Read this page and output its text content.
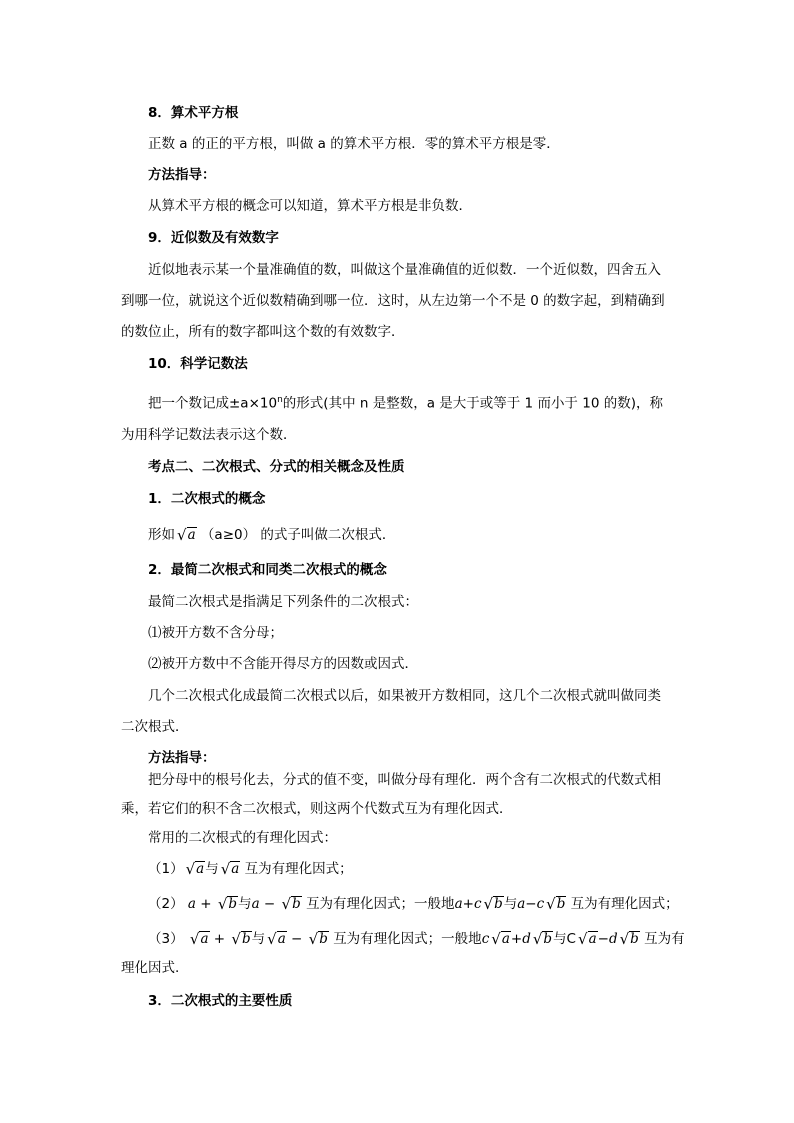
8．算术平方根
正数 a 的正的平方根，叫做 a 的算术平方根．零的算术平方根是零．
方法指导：
从算术平方根的概念可以知道，算术平方根是非负数．
9．近似数及有效数字
近似地表示某一个量准确值的数，叫做这个量准确值的近似数．一个近似数，四舍五入
到哪一位，就说这个近似数精确到哪一位．这时，从左边第一个不是 0 的数字起，到精确到
的数位止，所有的数字都叫这个数的有效数字．
10．科学记数法
把一个数记成$\pm a\times 10^n$的形式(其中 n 是整数，a 是大于或等于 1 而小于 10 的数)，称
为用科学记数法表示这个数．
考点二、二次根式、分式的相关概念及性质
1．二次根式的概念
形如 √a （a≥0） 的式子叫做二次根式．
2．最简二次根式和同类二次根式的概念
最简二次根式是指满足下列条件的二次根式：
⑴被开方数不含分母；
⑵被开方数中不含能开得尽方的因数或因式．
几个二次根式化成最简二次根式以后，如果被开方数相同，这几个二次根式就叫做同类
二次根式．
方法指导：
把分母中的根号化去，分式的值不变，叫做分母有理化．两个含有二次根式的代数式相
乘，若它们的积不含二次根式，则这两个代数式互为有理化因式．
常用的二次根式的有理化因式：
（1） √a与 √a 互为有理化因式；
（2） a + √b与a − √b 互为有理化因式；一般地a+c √b与a−c √b 互为有理化因式；
（3） √a + √b与 √a − √b 互为有理化因式；一般地c √a+d √b与C √a−d √b 互为有
理化因式.
3．二次根式的主要性质
